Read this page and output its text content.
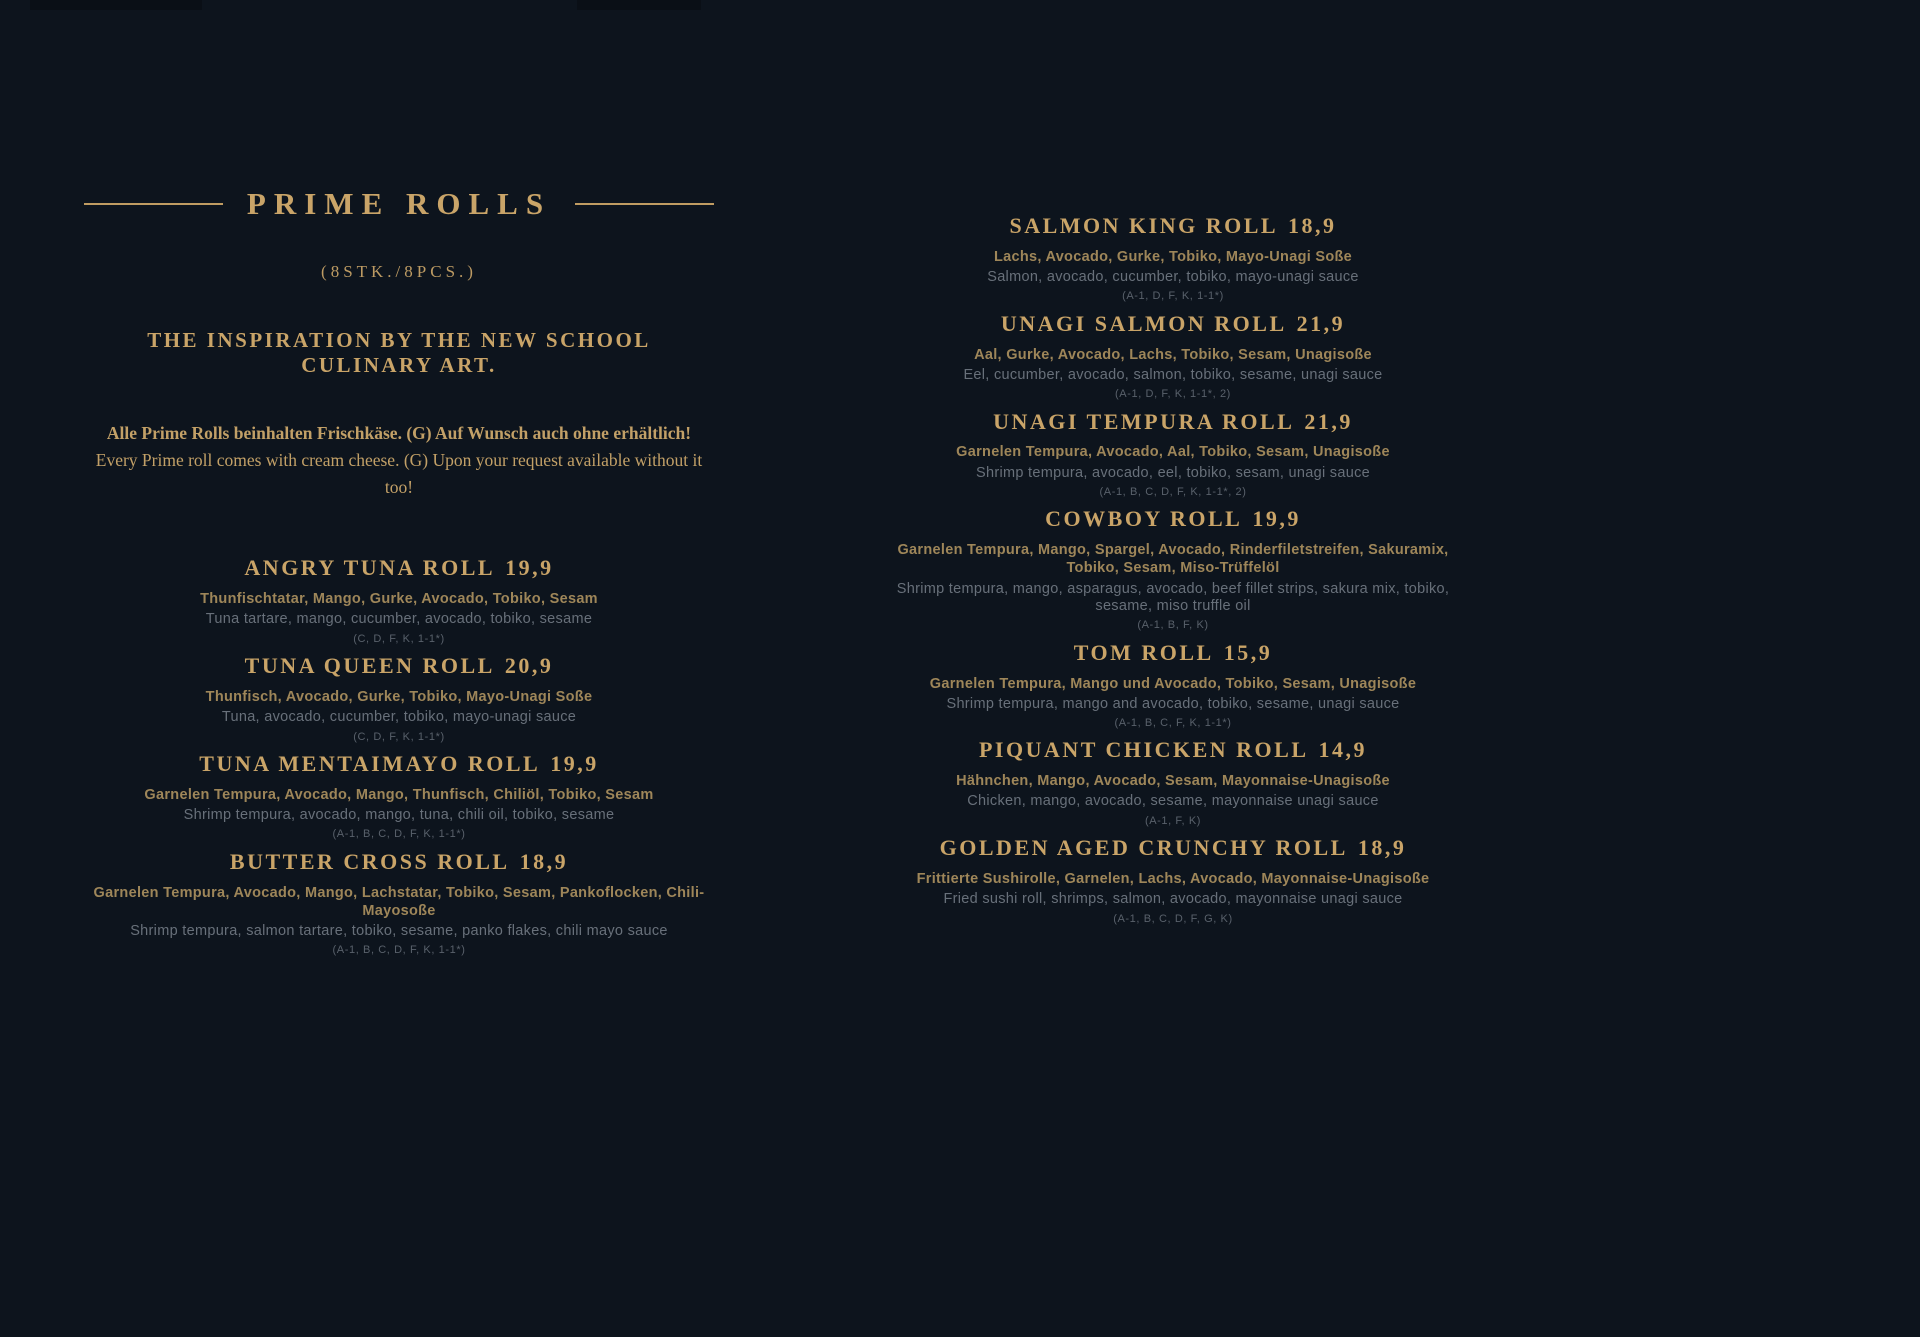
PRIME ROLLS
(8STK./8PCS.)
THE INSPIRATION BY THE NEW SCHOOL CULINARY ART.
Alle Prime Rolls beinhalten Frischkäse. (G) Auf Wunsch auch ohne erhältlich!
Every Prime roll comes with cream cheese. (G) Upon your request available without it too!
ANGRY TUNA ROLL 19,9
Thunfischtatar, Mango, Gurke, Avocado, Tobiko, Sesam
Tuna tartare, mango, cucumber, avocado, tobiko, sesame
(C, D, F, K, 1-1*)
TUNA QUEEN ROLL 20,9
Thunfisch, Avocado, Gurke, Tobiko, Mayo-Unagi Soße
Tuna, avocado, cucumber, tobiko, mayo-unagi sauce
(C, D, F, K, 1-1*)
TUNA MENTAIMAYO ROLL 19,9
Garnelen Tempura, Avocado, Mango, Thunfisch, Chiliöl, Tobiko, Sesam
Shrimp tempura, avocado, mango, tuna, chili oil, tobiko, sesame
(A-1, B, C, D, F, K, 1-1*)
BUTTER CROSS ROLL 18,9
Garnelen Tempura, Avocado, Mango, Lachstatar, Tobiko, Sesam, Pankoflocken, Chili-Mayosoße
Shrimp tempura, salmon tartare, tobiko, sesame, panko flakes, chili mayo sauce
(A-1, B, C, D, F, K, 1-1*)
SALMON KING ROLL 18,9
Lachs, Avocado, Gurke, Tobiko, Mayo-Unagi Soße
Salmon, avocado, cucumber, tobiko, mayo-unagi sauce
(A-1, D, F, K, 1-1*)
UNAGI SALMON ROLL 21,9
Aal, Gurke, Avocado, Lachs, Tobiko, Sesam, Unagisoße
Eel, cucumber, avocado, salmon, tobiko, sesame, unagi sauce
(A-1, D, F, K, 1-1*, 2)
UNAGI TEMPURA ROLL 21,9
Garnelen Tempura, Avocado, Aal, Tobiko, Sesam, Unagisoße
Shrimp tempura, avocado, eel, tobiko, sesam, unagi sauce
(A-1, B, C, D, F, K, 1-1*, 2)
COWBOY ROLL 19,9
Garnelen Tempura, Mango, Spargel, Avocado, Rinderfiletstreifen, Sakuramix, Tobiko, Sesam, Miso-Trüffelöl
Shrimp tempura, mango, asparagus, avocado, beef fillet strips, sakura mix, tobiko, sesame, miso truffle oil
(A-1, B, F, K)
TOM ROLL 15,9
Garnelen Tempura, Mango und Avocado, Tobiko, Sesam, Unagisoße
Shrimp tempura, mango and avocado, tobiko, sesame, unagi sauce
(A-1, B, C, F, K, 1-1*)
PIQUANT CHICKEN ROLL 14,9
Hähnchen, Mango, Avocado, Sesam, Mayonnaise-Unagisoße
Chicken, mango, avocado, sesame, mayonnaise unagi sauce
(A-1, F, K)
GOLDEN AGED CRUNCHY ROLL 18,9
Frittierte Sushirolle, Garnelen, Lachs, Avocado, Mayonnaise-Unagisoße
Fried sushi roll, shrimps, salmon, avocado, mayonnaise unagi sauce
(A-1, B, C, D, F, G, K)
